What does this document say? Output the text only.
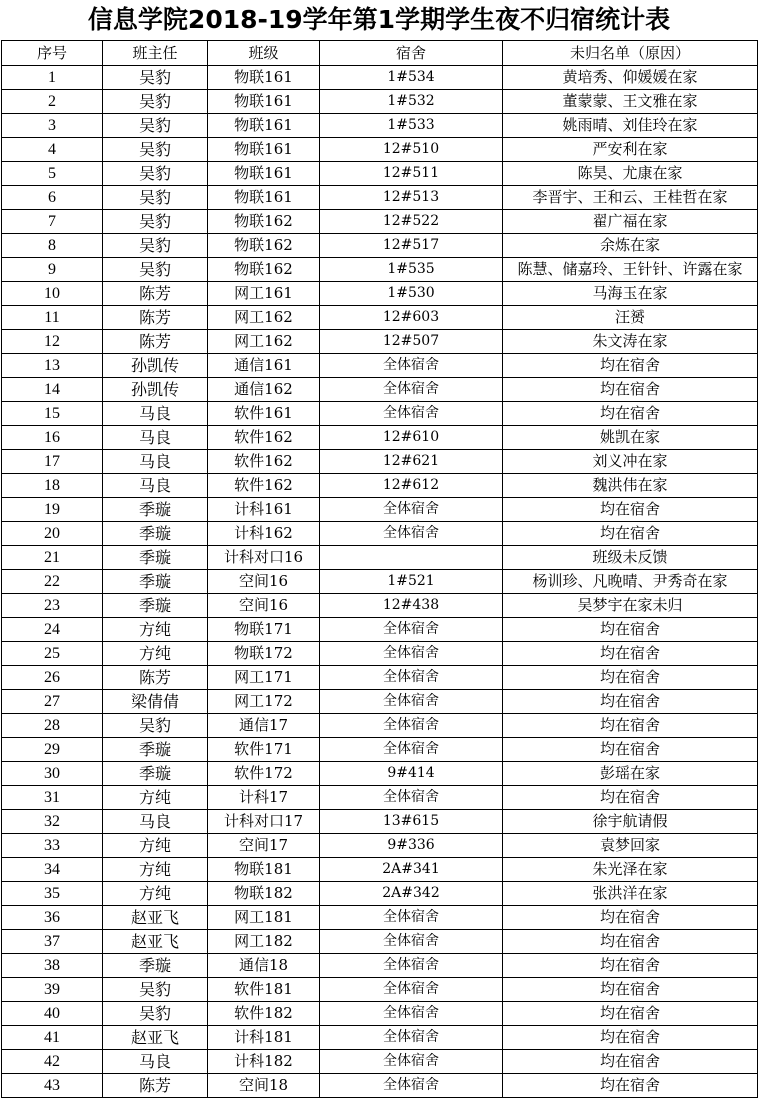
信息学院2018-19学年第1学期学生夜不归宿统计表
序号	班主任	班级	宿舍	未归名单（原因）
1	吴豹	物联161	1#534	黄培秀、仰媛媛在家
2	吴豹	物联161	1#532	董蒙蒙、王文雅在家
3	吴豹	物联161	1#533	姚雨晴、刘佳玲在家
4	吴豹	物联161	12#510	严安利在家
5	吴豹	物联161	12#511	陈昊、尤康在家
6	吴豹	物联161	12#513	李晋宇、王和云、王桂哲在家
7	吴豹	物联162	12#522	翟广福在家
8	吴豹	物联162	12#517	余炼在家
9	吴豹	物联162	1#535	陈慧、储嘉玲、王针针、许露在家
10	陈芳	网工161	1#530	马海玉在家
11	陈芳	网工162	12#603	汪赟
12	陈芳	网工162	12#507	朱文涛在家
13	孙凯传	通信161	全体宿舍	均在宿舍
14	孙凯传	通信162	全体宿舍	均在宿舍
15	马良	软件161	全体宿舍	均在宿舍
16	马良	软件162	12#610	姚凯在家
17	马良	软件162	12#621	刘义冲在家
18	马良	软件162	12#612	魏洪伟在家
19	季璇	计科161	全体宿舍	均在宿舍
20	季璇	计科162	全体宿舍	均在宿舍
21	季璇	计科对口16		班级未反馈
22	季璇	空间16	1#521	杨训珍、凡晚晴、尹秀奇在家
23	季璇	空间16	12#438	吴梦宇在家未归
24	方纯	物联171	全体宿舍	均在宿舍
25	方纯	物联172	全体宿舍	均在宿舍
26	陈芳	网工171	全体宿舍	均在宿舍
27	梁倩倩	网工172	全体宿舍	均在宿舍
28	吴豹	通信17	全体宿舍	均在宿舍
29	季璇	软件171	全体宿舍	均在宿舍
30	季璇	软件172	9#414	彭瑶在家
31	方纯	计科17	全体宿舍	均在宿舍
32	马良	计科对口17	13#615	徐宇航请假
33	方纯	空间17	9#336	袁梦回家
34	方纯	物联181	2A#341	朱光泽在家
35	方纯	物联182	2A#342	张洪洋在家
36	赵亚飞	网工181	全体宿舍	均在宿舍
37	赵亚飞	网工182	全体宿舍	均在宿舍
38	季璇	通信18	全体宿舍	均在宿舍
39	吴豹	软件181	全体宿舍	均在宿舍
40	吴豹	软件182	全体宿舍	均在宿舍
41	赵亚飞	计科181	全体宿舍	均在宿舍
42	马良	计科182	全体宿舍	均在宿舍
43	陈芳	空间18	全体宿舍	均在宿舍
